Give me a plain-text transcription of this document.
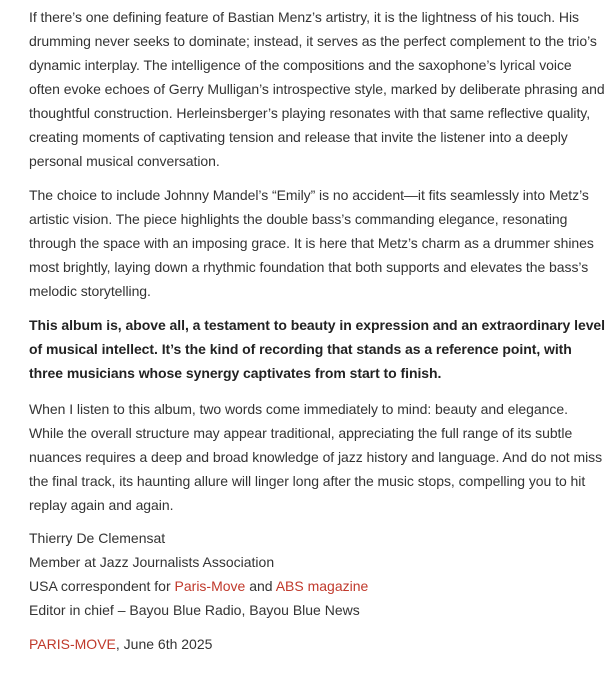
If there’s one defining feature of Bastian Menz’s artistry, it is the lightness of his touch. His drumming never seeks to dominate; instead, it serves as the perfect complement to the trio’s dynamic interplay. The intelligence of the compositions and the saxophone’s lyrical voice often evoke echoes of Gerry Mulligan’s introspective style, marked by deliberate phrasing and thoughtful construction. Herleinsberger’s playing resonates with that same reflective quality, creating moments of captivating tension and release that invite the listener into a deeply personal musical conversation.

The choice to include Johnny Mandel’s “Emily” is no accident—it fits seamlessly into Metz’s artistic vision. The piece highlights the double bass’s commanding elegance, resonating through the space with an imposing grace. It is here that Metz’s charm as a drummer shines most brightly, laying down a rhythmic foundation that both supports and elevates the bass’s melodic storytelling.

This album is, above all, a testament to beauty in expression and an extraordinary level of musical intellect. It’s the kind of recording that stands as a reference point, with three musicians whose synergy captivates from start to finish.

When I listen to this album, two words come immediately to mind: beauty and elegance. While the overall structure may appear traditional, appreciating the full range of its subtle nuances requires a deep and broad knowledge of jazz history and language. And do not miss the final track, its haunting allure will linger long after the music stops, compelling you to hit replay again and again.

Thierry De Clemensat
Member at Jazz Journalists Association
USA correspondent for Paris-Move and ABS magazine
Editor in chief – Bayou Blue Radio, Bayou Blue News
PARIS-MOVE, June 6th 2025
